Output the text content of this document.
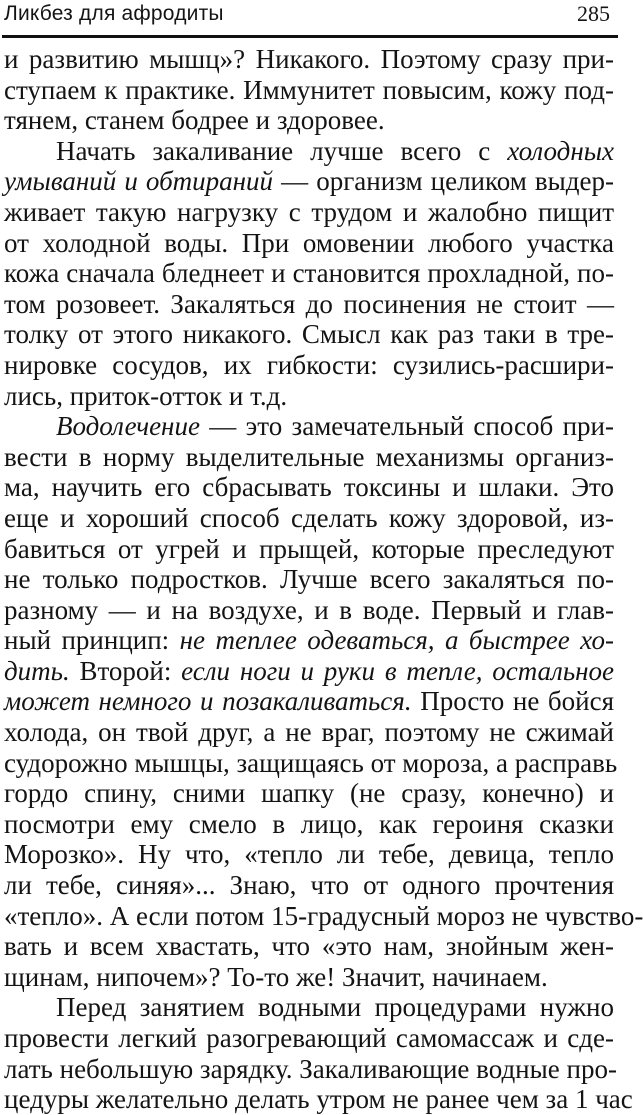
Ликбез для афродиты	285
и развитию мышц»? Никакого. Поэтому сразу при-
ступаем к практике. Иммунитет повысим, кожу под-
тянем, станем бодрее и здоровее.
Начать закаливание лучше всего с холодных
умываний и обтираний — организм целиком выдер-
живает такую нагрузку с трудом и жалобно пищит
от холодной воды. При омовении любого участка
кожа сначала бледнеет и становится прохладной, по-
том розовеет. Закаляться до посинения не стоит —
толку от этого никакого. Смысл как раз таки в тре-
нировке сосудов, их гибкости: сузились-расшири-
лись, приток-отток и т.д.
Водолечение — это замечательный способ при-
вести в норму выделительные механизмы организ-
ма, научить его сбрасывать токсины и шлаки. Это
еще и хороший способ сделать кожу здоровой, из-
бавиться от угрей и прыщей, которые преследуют
не только подростков. Лучше всего закаляться по-
разному — и на воздухе, и в воде. Первый и глав-
ный принцип: не теплее одеваться, а быстрее хо-
дить. Второй: если ноги и руки в тепле, остальное
может немного и позакаливаться. Просто не бойся
холода, он твой друг, а не враг, поэтому не сжимай
судорожно мышцы, защищаясь от мороза, а расправь
гордо спину, сними шапку (не сразу, конечно) и
посмотри ему смело в лицо, как героиня сказки
Морозко». Ну что, «тепло ли тебе, девица, тепло
ли тебе, синяя»... Знаю, что от одного прочтения
«тепло». А если потом 15-градусный мороз не чувство-
вать и всем хвастать, что «это нам, знойным жен-
щинам, нипочем»? То-то же! Значит, начинаем.
Перед занятием водными процедурами нужно
провести легкий разогревающий самомассаж и сде-
лать небольшую зарядку. Закаливающие водные про-
цедуры желательно делать утром не ранее чем за 1 час
